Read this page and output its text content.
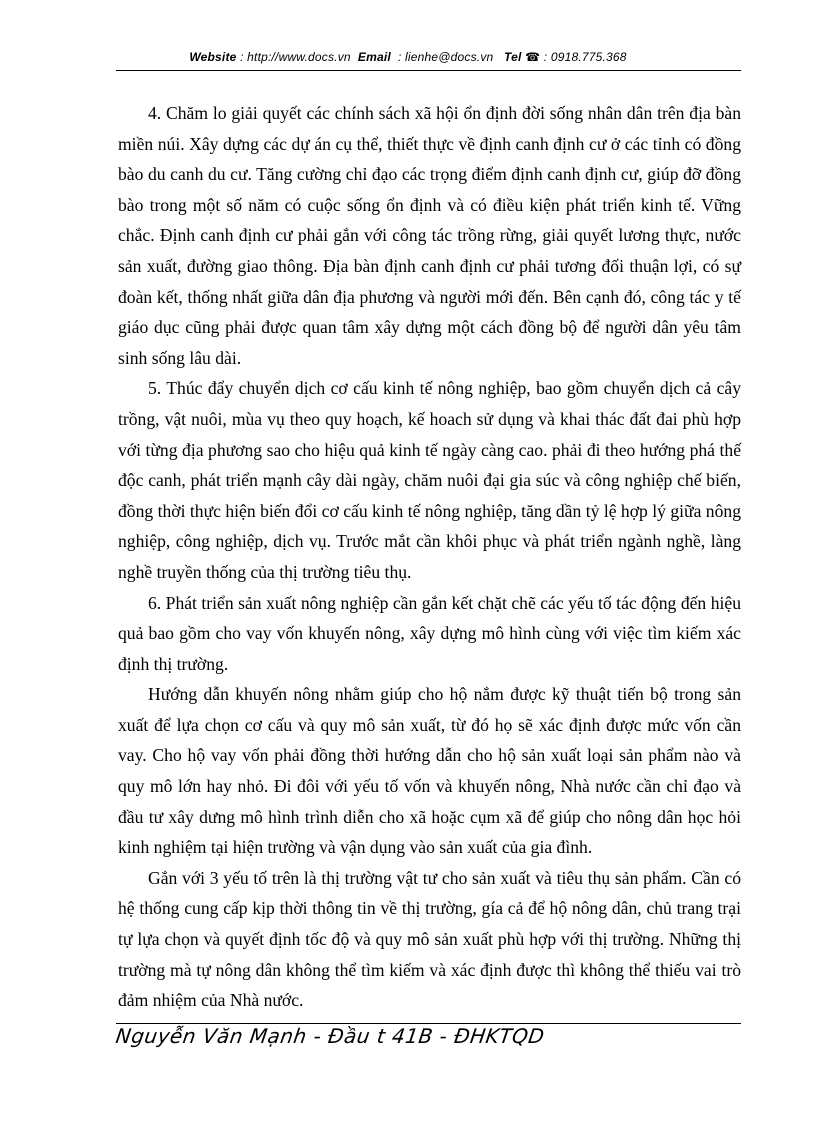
Website : http://www.docs.vn Email : lienhe@docs.vn Tel ☎ : 0918.775.368

4. Chăm lo giải quyết các chính sách xã hội ổn định đời sống nhân dân trên địa bàn miền núi. Xây dựng các dự án cụ thể, thiết thực về định canh định cư ở các tỉnh có đồng bào du canh du cư. Tăng cường chỉ đạo các trọng điểm định canh định cư, giúp đỡ đồng bào trong một số năm có cuộc sống ổn định và có điều kiện phát triển kinh tế. Vững chắc. Định canh định cư phải gắn với công tác trồng rừng, giải quyết lương thực, nước sản xuất, đường giao thông. Địa bàn định canh định cư phải tương đối thuận lợi, có sự đoàn kết, thống nhất giữa dân địa phương và người mới đến. Bên cạnh đó, công tác y tế giáo dục cũng phải được quan tâm xây dựng một cách đồng bộ để người dân yêu tâm sinh sống lâu dài.

5. Thúc đẩy chuyển dịch cơ cấu kinh tế nông nghiệp, bao gồm chuyển dịch cả cây trồng, vật nuôi, mùa vụ theo quy hoạch, kế hoach sử dụng và khai thác đất đai phù hợp với từng địa phương sao cho hiệu quả kinh tế ngày càng cao. phải đi theo hướng phá thế độc canh, phát triển mạnh cây dài ngày, chăm nuôi đại gia súc và công nghiệp chế biến, đồng thời thực hiện biến đổi cơ cấu kinh tế nông nghiệp, tăng dần tỷ lệ hợp lý giữa nông nghiệp, công nghiệp, dịch vụ. Trước mắt cần khôi phục và phát triển ngành nghề, làng nghề truyền thống của thị trường tiêu thụ.

6. Phát triển sản xuất nông nghiệp cần gắn kết chặt chẽ các yếu tố tác động đến hiệu quả bao gồm cho vay vốn khuyến nông, xây dựng mô hình cùng với việc tìm kiếm xác định thị trường.

Hướng dẫn khuyến nông nhằm giúp cho hộ nắm được kỹ thuật tiến bộ trong sản xuất để lựa chọn cơ cấu và quy mô sản xuất, từ đó họ sẽ xác định được mức vốn cần vay. Cho hộ vay vốn phải đồng thời hướng dẫn cho hộ sản xuất loại sản phẩm nào và quy mô lớn hay nhỏ. Đi đôi với yếu tố vốn và khuyến nông, Nhà nước cần chỉ đạo và đầu tư xây dưng mô hình trình diễn cho xã hoặc cụm xã để giúp cho nông dân học hỏi kinh nghiệm tại hiện trường và vận dụng vào sản xuất của gia đình.

Gắn với 3 yếu tố trên là thị trường vật tư cho sản xuất và tiêu thụ sản phẩm. Cần có hệ thống cung cấp kịp thời thông tin về thị trường, gía cả để hộ nông dân, chủ trang trại tự lựa chọn và quyết định tốc độ và quy mô sản xuất phù hợp với thị trường. Những thị trường mà tự nông dân không thể tìm kiếm và xác định được thì không thể thiếu vai trò đảm nhiệm của Nhà nước.

Nguyễn Văn Mạnh - Đầu t 41B - ĐHKTQD
